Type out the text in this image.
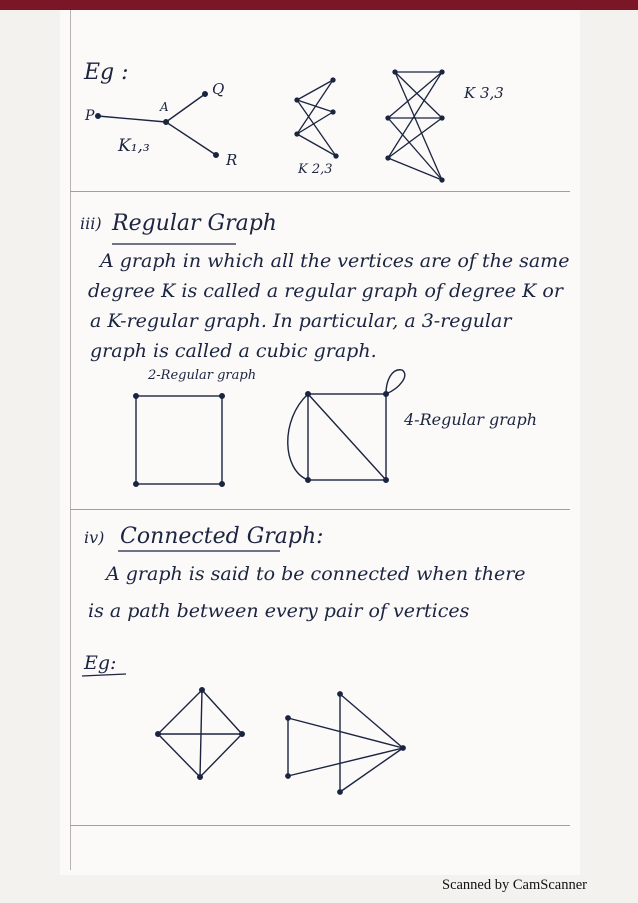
Eg :
P
A
Q
R
K₁,₃
K 2,3
K 3,3
iii) Regular Graph
A graph in which all the vertices are of the same
degree K is called a regular graph of degree K or
a K-regular graph. In particular, a 3-regular
graph is called a cubic graph.
2-Regular graph
4-Regular graph
iv) Connected Graph:
A graph is said to be connected when there
is a path between every pair of vertices
Eg:
Scanned by CamScanner
